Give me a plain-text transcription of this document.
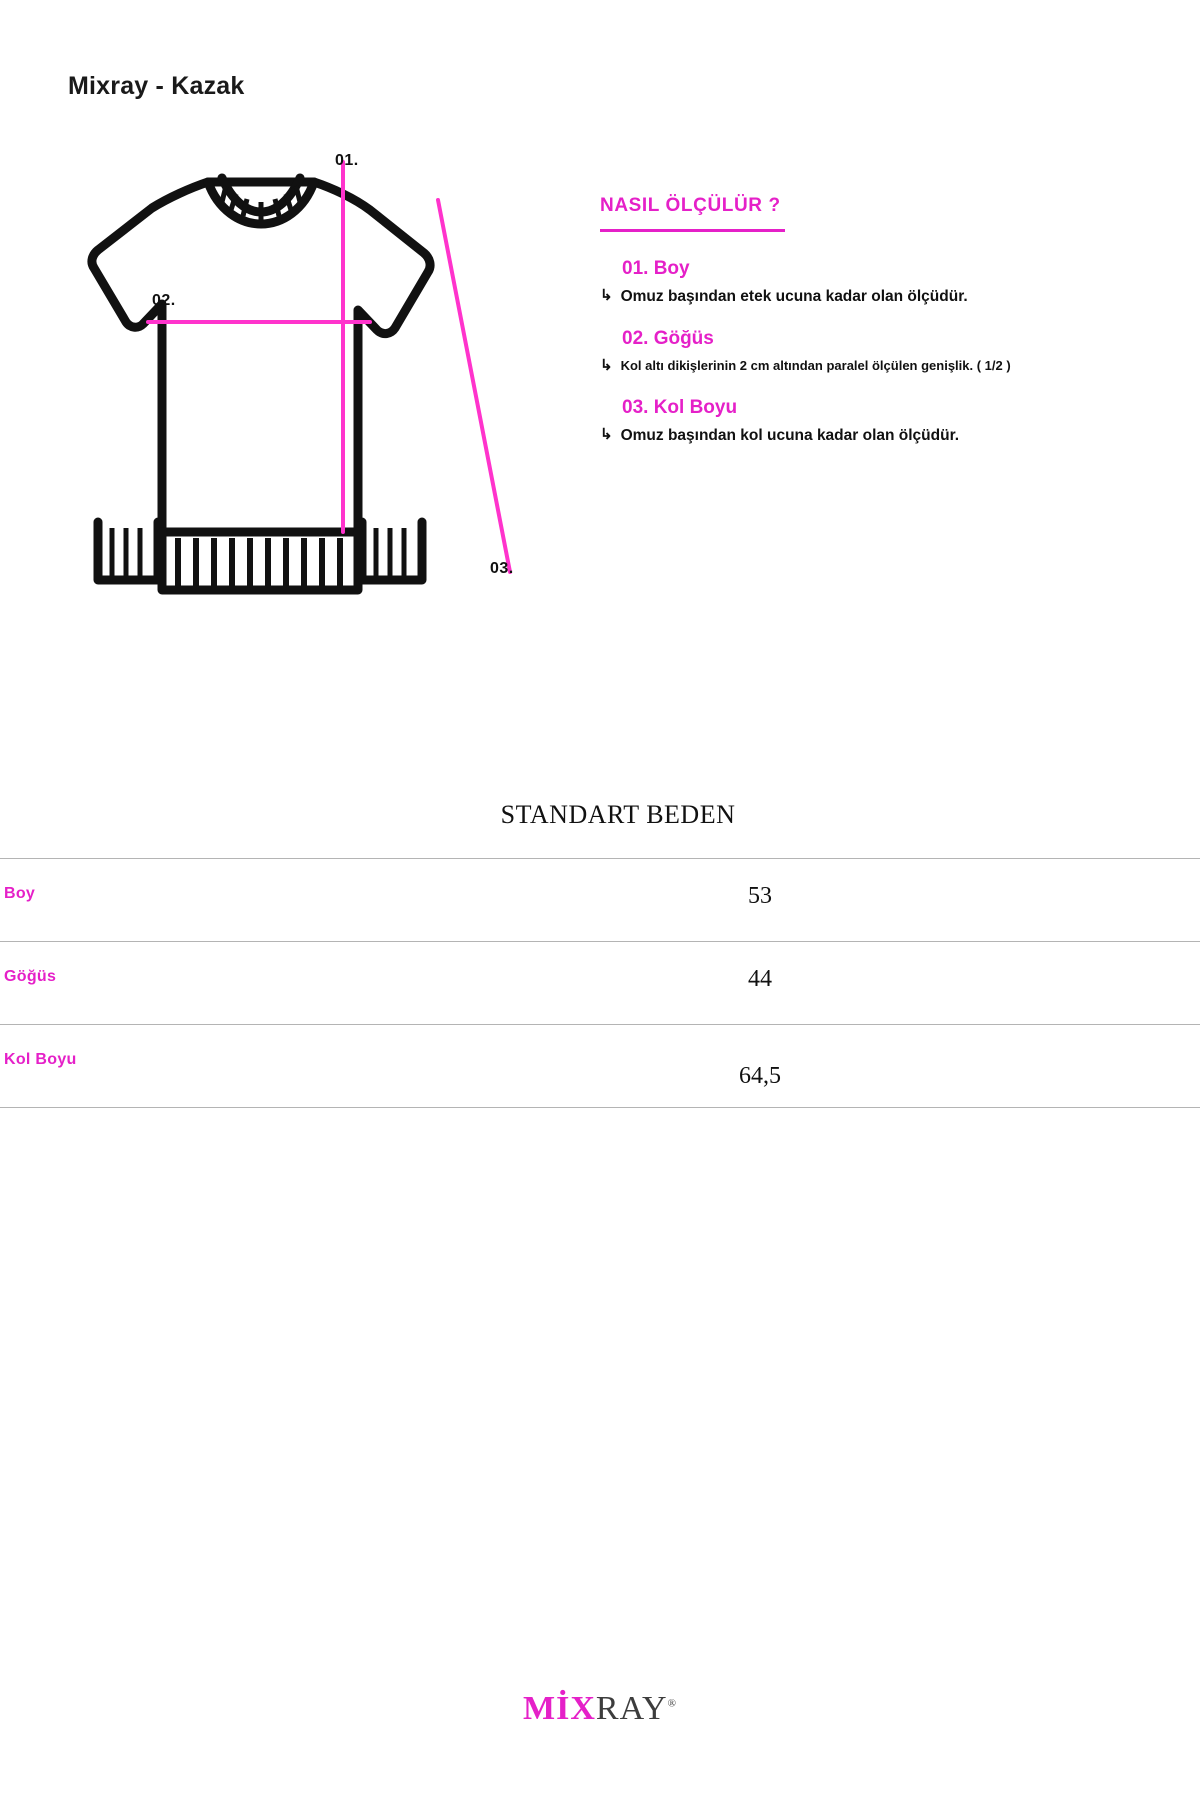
Mixray - Kazak
01.
02.
03.
NASIL ÖLÇÜLÜR ?
01. Boy
↳ Omuz başından etek ucuna kadar olan ölçüdür.
02. Göğüs
↳ Kol altı dikişlerinin 2 cm altından paralel ölçülen genişlik. ( 1/2 )
03. Kol Boyu
↳ Omuz başından kol ucuna kadar olan ölçüdür.
STANDART BEDEN
Boy	53
Göğüs	44
Kol Boyu
64,5
MİXRAY®
